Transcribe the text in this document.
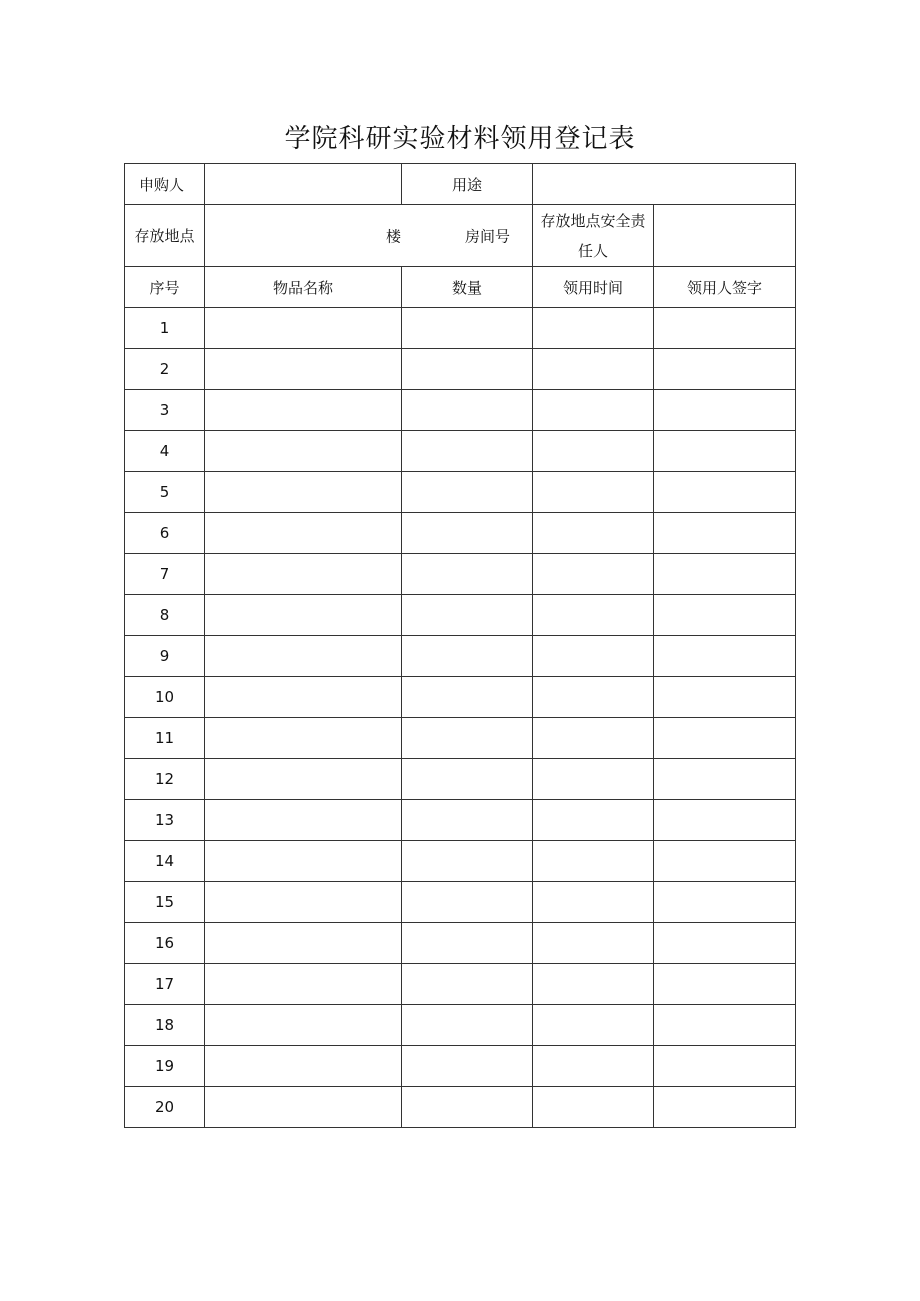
学院科研实验材料领用登记表
申购人		用途		
存放地点	楼 房间号		存放地点安全责任人	
序号	物品名称	数量	领用时间	领用人签字
1				
2				
3				
4				
5				
6				
7				
8				
9				
10				
11				
12				
13				
14				
15				
16				
17				
18				
19				
20				
